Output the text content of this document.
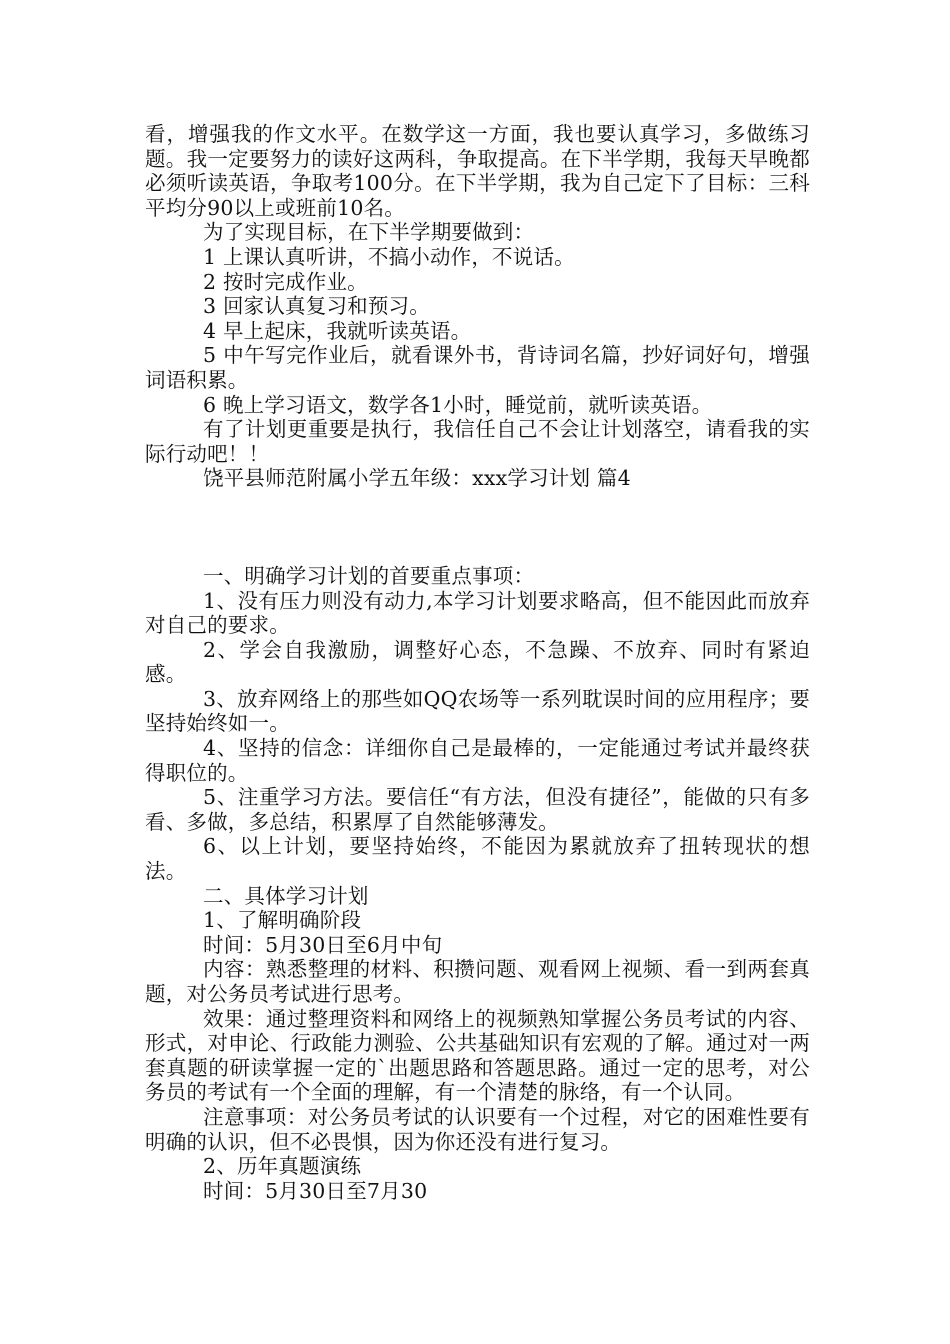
看，增强我的作文水平。在数学这一方面，我也要认真学习，多做练习题。我一定要努力的读好这两科，争取提高。在下半学期，我每天早晚都必须听读英语，争取考100分。在下半学期，我为自己定下了目标：三科平均分90以上或班前10名。

为了实现目标，在下半学期要做到：

1 上课认真听讲，不搞小动作，不说话。

2 按时完成作业。

3 回家认真复习和预习。

4 早上起床，我就听读英语。

5 中午写完作业后，就看课外书，背诗词名篇，抄好词好句，增强词语积累。

6 晚上学习语文，数学各1小时，睡觉前，就听读英语。

有了计划更重要是执行，我信任自己不会让计划落空，请看我的实际行动吧！！

饶平县师范附属小学五年级：xxx学习计划 篇4

一、明确学习计划的首要重点事项：

1、没有压力则没有动力,本学习计划要求略高，但不能因此而放弃对自己的要求。

2、学会自我激励，调整好心态，不急躁、不放弃、同时有紧迫感。

3、放弃网络上的那些如QQ农场等一系列耽误时间的应用程序；要坚持始终如一。

4、坚持的信念：详细你自己是最棒的，一定能通过考试并最终获得职位的。

5、注重学习方法。要信任“有方法，但没有捷径”，能做的只有多看、多做，多总结，积累厚了自然能够薄发。

6、以上计划，要坚持始终，不能因为累就放弃了扭转现状的想法。

二、具体学习计划

1、了解明确阶段

时间：5月30日至6月中旬

内容：熟悉整理的材料、积攒问题、观看网上视频、看一到两套真题，对公务员考试进行思考。

效果：通过整理资料和网络上的视频熟知掌握公务员考试的内容、形式，对申论、行政能力测验、公共基础知识有宏观的了解。通过对一两套真题的研读掌握一定的`出题思路和答题思路。通过一定的思考，对公务员的考试有一个全面的理解，有一个清楚的脉络，有一个认同。

注意事项：对公务员考试的认识要有一个过程，对它的困难性要有明确的认识，但不必畏惧，因为你还没有进行复习。

2、历年真题演练

时间：5月30日至7月30
